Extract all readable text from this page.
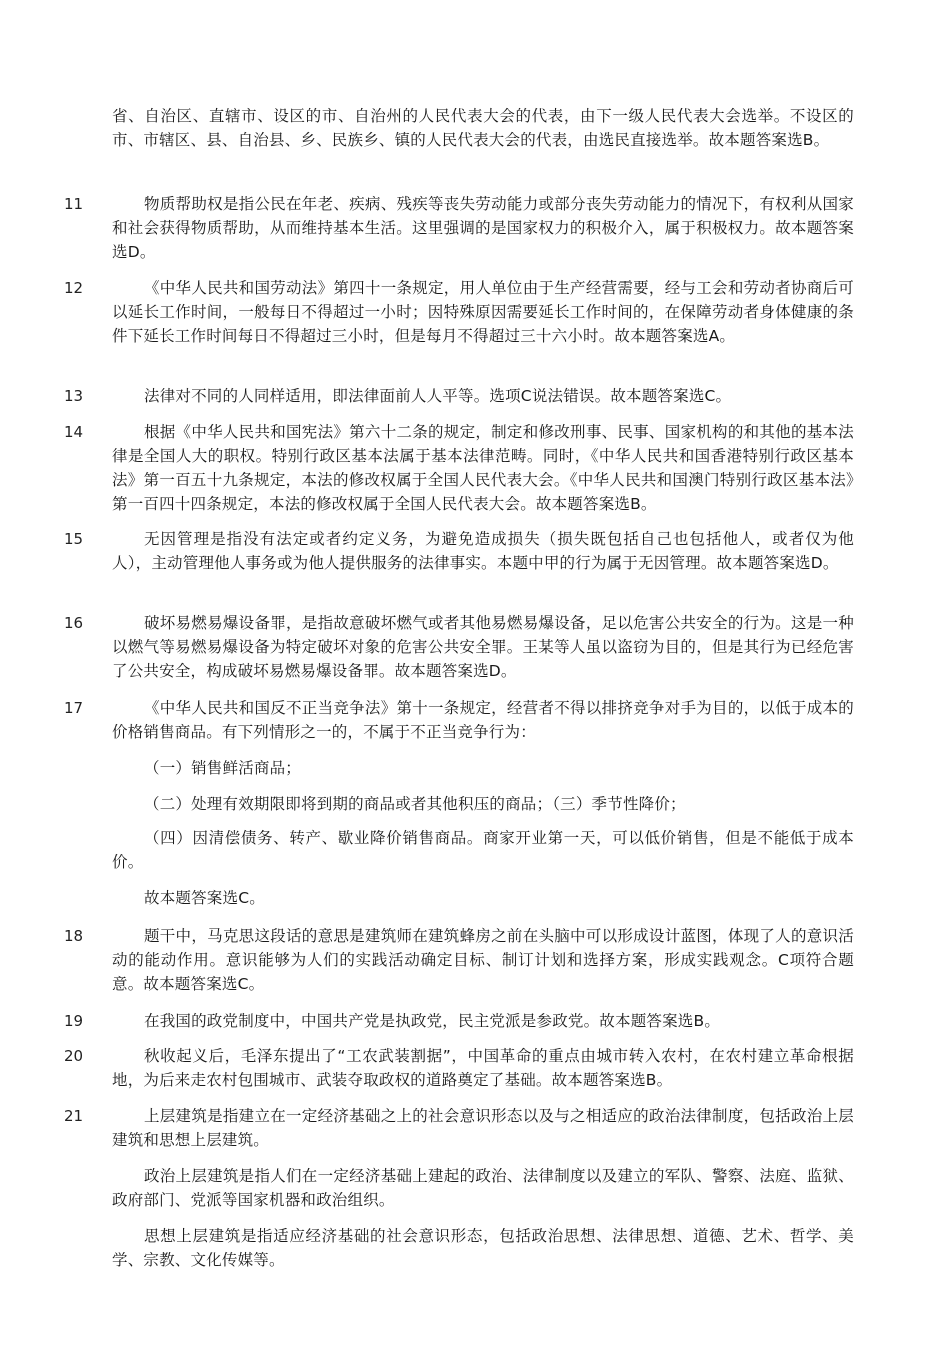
省、自治区、直辖市、设区的市、自治州的人民代表大会的代表，由下一级人民代表大会选举。不设区的市、市辖区、县、自治县、乡、民族乡、镇的人民代表大会的代表，由选民直接选举。故本题答案选B。
11	物质帮助权是指公民在年老、疾病、残疾等丧失劳动能力或部分丧失劳动能力的情况下，有权利从国家和社会获得物质帮助，从而维持基本生活。这里强调的是国家权力的积极介入，属于积极权力。故本题答案选D。
12	《中华人民共和国劳动法》第四十一条规定，用人单位由于生产经营需要，经与工会和劳动者协商后可以延长工作时间，一般每日不得超过一小时；因特殊原因需要延长工作时间的，在保障劳动者身体健康的条件下延长工作时间每日不得超过三小时，但是每月不得超过三十六小时。故本题答案选A。
13	法律对不同的人同样适用，即法律面前人人平等。选项C说法错误。故本题答案选C。
14	根据《中华人民共和国宪法》第六十二条的规定，制定和修改刑事、民事、国家机构的和其他的基本法律是全国人大的职权。特别行政区基本法属于基本法律范畴。同时，《中华人民共和国香港特别行政区基本法》第一百五十九条规定，本法的修改权属于全国人民代表大会。《中华人民共和国澳门特别行政区基本法》第一百四十四条规定，本法的修改权属于全国人民代表大会。故本题答案选B。
15	无因管理是指没有法定或者约定义务，为避免造成损失（损失既包括自己也包括他人，或者仅为他人），主动管理他人事务或为他人提供服务的法律事实。本题中甲的行为属于无因管理。故本题答案选D。
16	破坏易燃易爆设备罪，是指故意破坏燃气或者其他易燃易爆设备，足以危害公共安全的行为。这是一种以燃气等易燃易爆设备为特定破坏对象的危害公共安全罪。王某等人虽以盗窃为目的，但是其行为已经危害了公共安全，构成破坏易燃易爆设备罪。故本题答案选D。
17	《中华人民共和国反不正当竞争法》第十一条规定，经营者不得以排挤竞争对手为目的，以低于成本的价格销售商品。有下列情形之一的，不属于不正当竞争行为：
（一）销售鲜活商品；
（二）处理有效期限即将到期的商品或者其他积压的商品；（三）季节性降价；
（四）因清偿债务、转产、歇业降价销售商品。商家开业第一天，可以低价销售，但是不能低于成本价。
故本题答案选C。
18	题干中，马克思这段话的意思是建筑师在建筑蜂房之前在头脑中可以形成设计蓝图，体现了人的意识活动的能动作用。意识能够为人们的实践活动确定目标、制订计划和选择方案，形成实践观念。C项符合题意。故本题答案选C。
19	在我国的政党制度中，中国共产党是执政党，民主党派是参政党。故本题答案选B。
20	秋收起义后，毛泽东提出了“工农武装割据”，中国革命的重点由城市转入农村，在农村建立革命根据地，为后来走农村包围城市、武装夺取政权的道路奠定了基础。故本题答案选B。
21	上层建筑是指建立在一定经济基础之上的社会意识形态以及与之相适应的政治法律制度，包括政治上层建筑和思想上层建筑。
政治上层建筑是指人们在一定经济基础上建起的政治、法律制度以及建立的军队、警察、法庭、监狱、政府部门、党派等国家机器和政治组织。
思想上层建筑是指适应经济基础的社会意识形态，包括政治思想、法律思想、道德、艺术、哲学、美学、宗教、文化传媒等。
